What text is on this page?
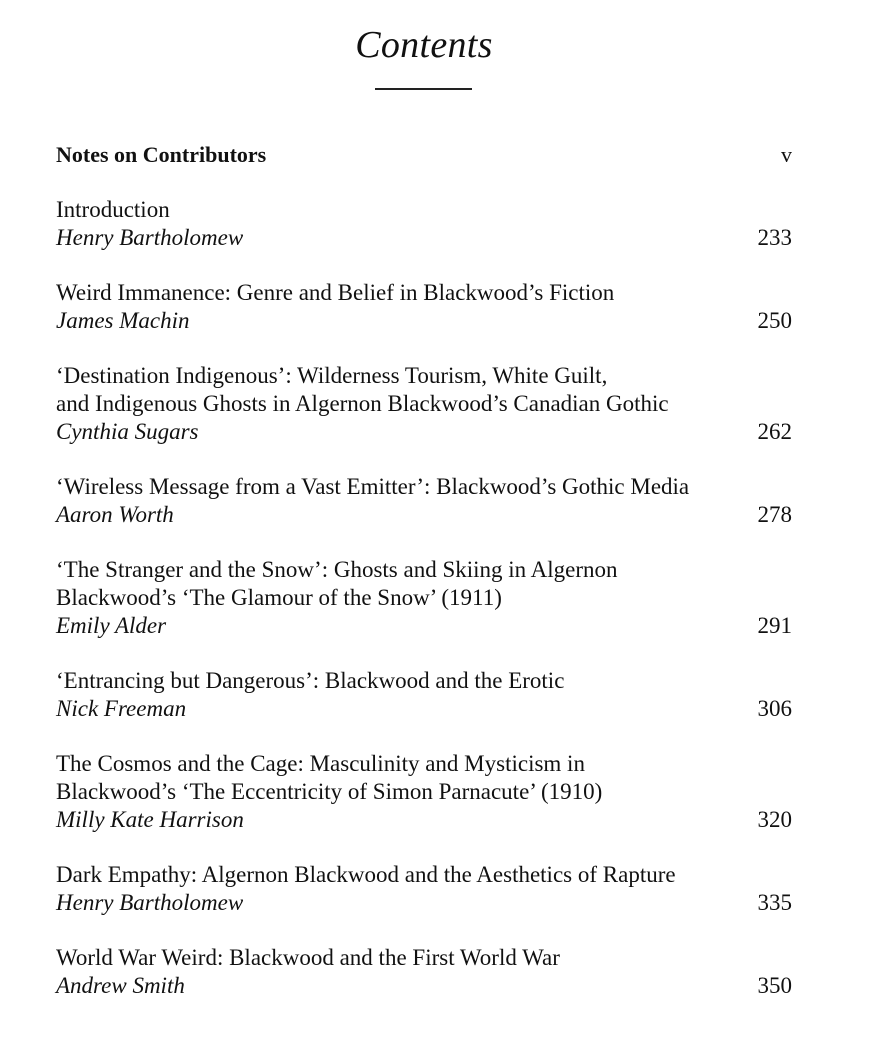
Contents
Notes on Contributors	v
Introduction
Henry Bartholomew	233
Weird Immanence: Genre and Belief in Blackwood’s Fiction
James Machin	250
‘Destination Indigenous’: Wilderness Tourism, White Guilt,
and Indigenous Ghosts in Algernon Blackwood’s Canadian Gothic
Cynthia Sugars	262
‘Wireless Message from a Vast Emitter’: Blackwood’s Gothic Media
Aaron Worth	278
‘The Stranger and the Snow’: Ghosts and Skiing in Algernon
Blackwood’s ‘The Glamour of the Snow’ (1911)
Emily Alder	291
‘Entrancing but Dangerous’: Blackwood and the Erotic
Nick Freeman	306
The Cosmos and the Cage: Masculinity and Mysticism in
Blackwood’s ‘The Eccentricity of Simon Parnacute’ (1910)
Milly Kate Harrison	320
Dark Empathy: Algernon Blackwood and the Aesthetics of Rapture
Henry Bartholomew	335
World War Weird: Blackwood and the First World War
Andrew Smith	350
